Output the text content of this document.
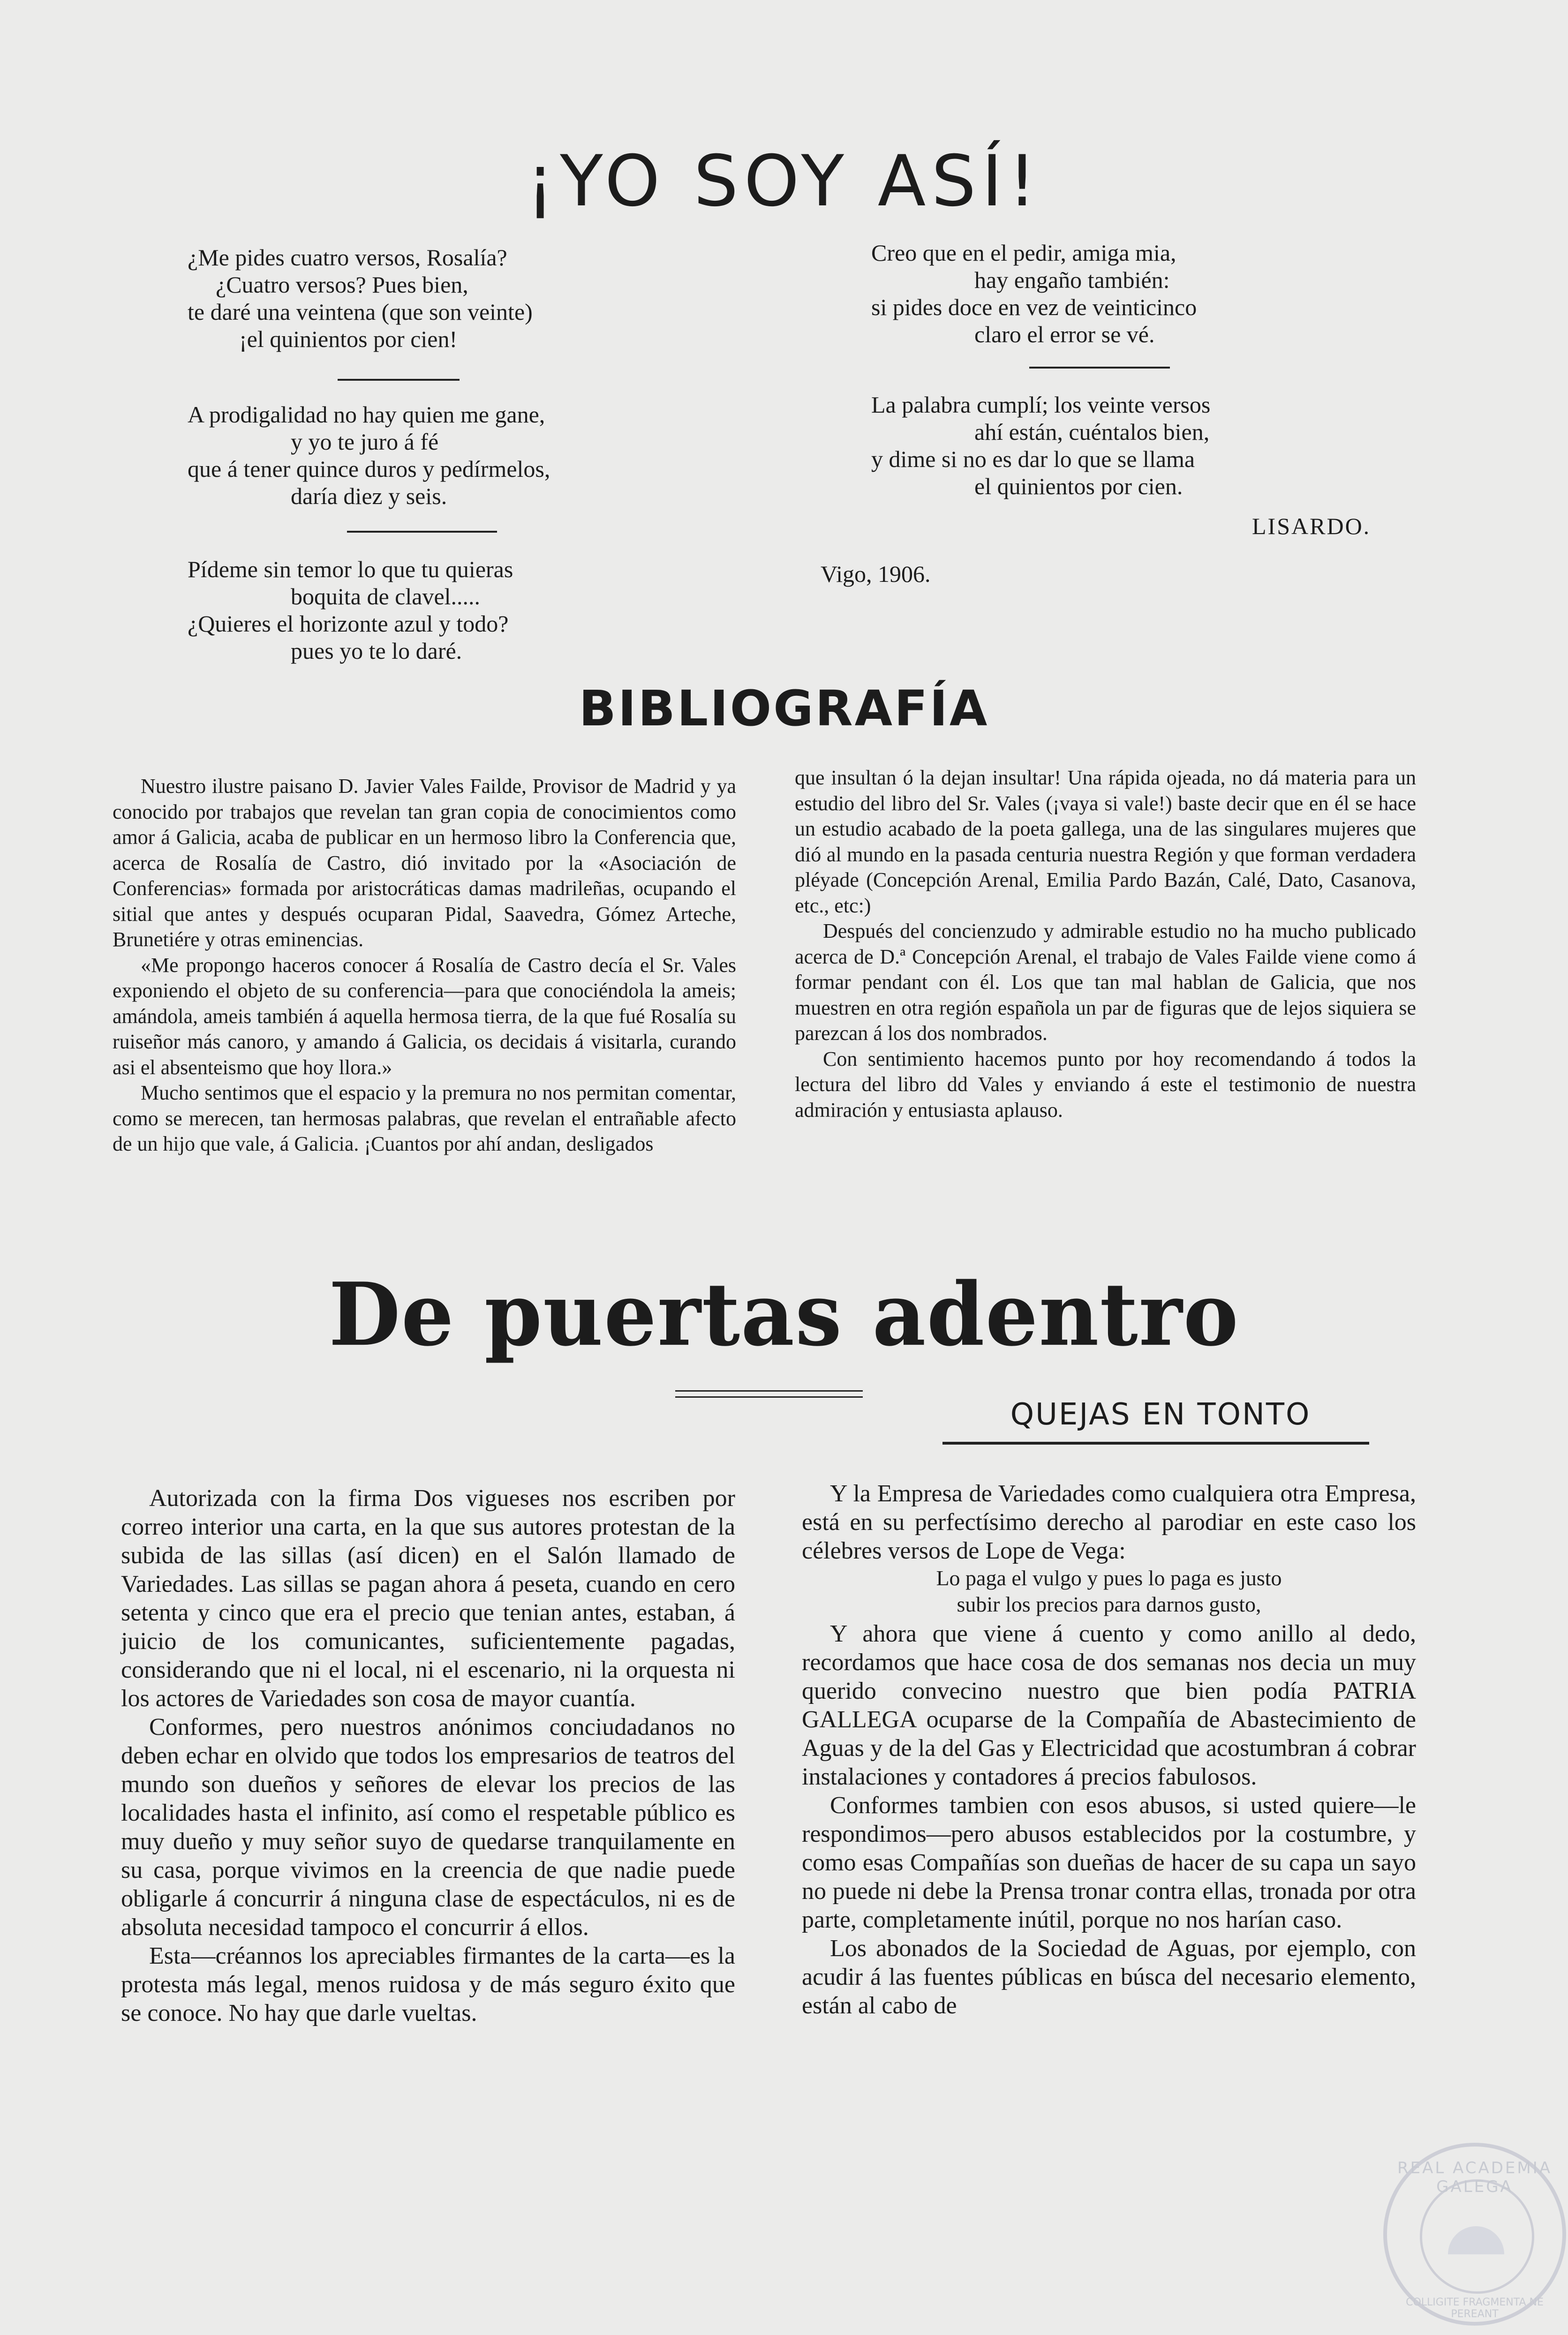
¡YO SOY ASÍ!
¿Me pides cuatro versos, Rosalía?
¿Cuatro versos? Pues bien,
te daré una veintena (que son veinte)
¡el quinientos por cien!
A prodigalidad no hay quien me gane,
y yo te juro á fé
que á tener quince duros y pedírmelos,
daría diez y seis.
Pídeme sin temor lo que tu quieras
boquita de clavel.....
¿Quieres el horizonte azul y todo?
pues yo te lo daré.
Creo que en el pedir, amiga mia,
hay engaño también:
si pides doce en vez de veinticinco
claro el error se vé.
La palabra cumplí; los veinte versos
ahí están, cuéntalos bien,
y dime si no es dar lo que se llama
el quinientos por cien.
LISARDO.
Vigo, 1906.
BIBLIOGRAFÍA

Nuestro ilustre paisano D. Javier Vales Failde, Provisor de Madrid y ya conocido por trabajos que revelan tan gran copia de conocimientos como amor á Galicia, acaba de publicar en un hermoso libro la Conferencia que, acerca de Rosalía de Castro, dió invitado por la «Asociación de Conferencias» formada por aristocráticas damas madrileñas, ocupando el sitial que antes y después ocuparan Pidal, Saavedra, Gómez Arteche, Brunetiére y otras eminencias.

«Me propongo haceros conocer á Rosalía de Castro decía el Sr. Vales exponiendo el objeto de su conferencia—para que conociéndola la ameis; amándola, ameis también á aquella hermosa tierra, de la que fué Rosalía su ruiseñor más canoro, y amando á Galicia, os decidais á visitarla, curando asi el absenteismo que hoy llora.»

Mucho sentimos que el espacio y la premura no nos permitan comentar, como se merecen, tan hermosas palabras, que revelan el entrañable afecto de un hijo que vale, á Galicia. ¡Cuantos por ahí andan, desligados

que insultan ó la dejan insultar! Una rápida ojeada, no dá materia para un estudio del libro del Sr. Vales (¡vaya si vale!) baste decir que en él se hace un estudio acabado de la poeta gallega, una de las singulares mujeres que dió al mundo en la pasada centuria nuestra Región y que forman verdadera pléyade (Concepción Arenal, Emilia Pardo Bazán, Calé, Dato, Casanova, etc., etc:)

Después del concienzudo y admirable estudio no ha mucho publicado acerca de D.ª Concepción Arenal, el trabajo de Vales Failde viene como á formar pendant con él. Los que tan mal hablan de Galicia, que nos muestren en otra región española un par de figuras que de lejos siquiera se parezcan á los dos nombrados.

Con sentimiento hacemos punto por hoy recomendando á todos la lectura del libro dd Vales y enviando á este el testimonio de nuestra admiración y entusiasta aplauso.

De puertas adentro
QUEJAS EN TONTO

Autorizada con la firma Dos vigueses nos escriben por correo interior una carta, en la que sus autores protestan de la subida de las sillas (así dicen) en el Salón llamado de Variedades. Las sillas se pagan ahora á peseta, cuando en cero setenta y cinco que era el precio que tenian antes, estaban, á juicio de los comunicantes, suficientemente pagadas, considerando que ni el local, ni el escenario, ni la orquesta ni los actores de Variedades son cosa de mayor cuantía.

Conformes, pero nuestros anónimos conciudadanos no deben echar en olvido que todos los empresarios de teatros del mundo son dueños y señores de elevar los precios de las localidades hasta el infinito, así como el respetable público es muy dueño y muy señor suyo de quedarse tranquilamente en su casa, porque vivimos en la creencia de que nadie puede obligarle á concurrir á ninguna clase de espectáculos, ni es de absoluta necesidad tampoco el concurrir á ellos.

Esta—créannos los apreciables firmantes de la carta—es la protesta más legal, menos ruidosa y de más seguro éxito que se conoce. No hay que darle vueltas.

Y la Empresa de Variedades como cualquiera otra Empresa, está en su perfectísimo derecho al parodiar en este caso los célebres versos de Lope de Vega:

Lo paga el vulgo y pues lo paga es justo

subir los precios para darnos gusto,

Y ahora que viene á cuento y como anillo al dedo, recordamos que hace cosa de dos semanas nos decia un muy querido convecino nuestro que bien podía PATRIA GALLEGA ocuparse de la Compañía de Abastecimiento de Aguas y de la del Gas y Electricidad que acostumbran á cobrar instalaciones y contadores á precios fabulosos.

Conformes tambien con esos abusos, si usted quiere—le respondimos—pero abusos establecidos por la costumbre, y como esas Compañías son dueñas de hacer de su capa un sayo no puede ni debe la Prensa tronar contra ellas, tronada por otra parte, completamente inútil, porque no nos harían caso.

Los abonados de la Sociedad de Aguas, por ejemplo, con acudir á las fuentes públicas en búsca del necesario elemento, están al cabo de

REAL ACADEMIA GALEGA
COLLIGITE FRAGMENTA NE PEREANT
